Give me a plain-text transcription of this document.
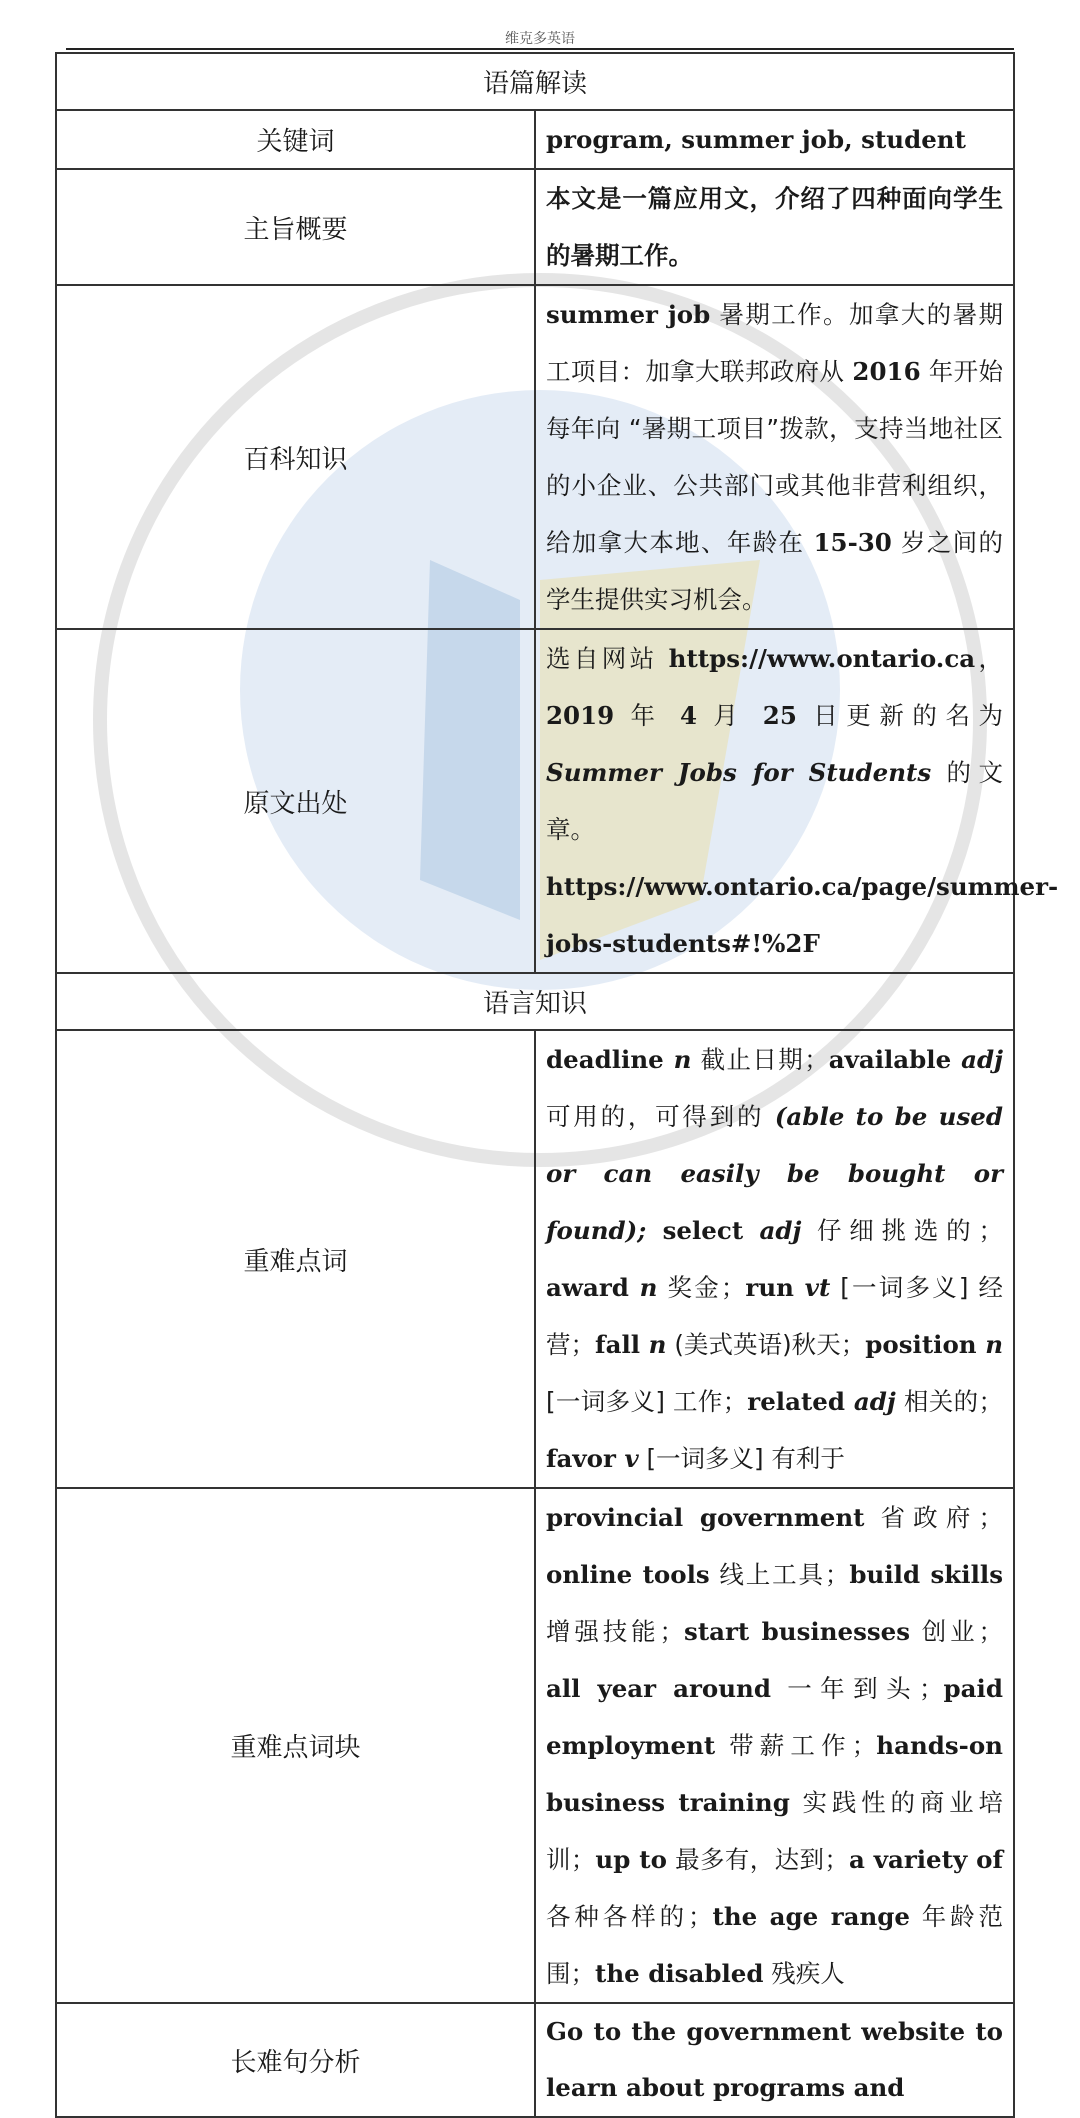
维克多英语
语篇解读	
关键词	program, summer job, student
主旨概要	本文是一篇应用文，介绍了四种面向学生的暑期工作。
百科知识	summer job 暑期工作。加拿大的暑期工项目：加拿大联邦政府从 2016 年开始每年向 “暑期工项目”拨款，支持当地社区的小企业、公共部门或其他非营利组织，给加拿大本地、年龄在 15-30 岁之间的学生提供实习机会。
原文出处	选自网站 https://www.ontario.ca，2019 年 4 月 25 日更新的名为 Summer Jobs for Students 的文章。
https://www.ontario.ca/page/summer-jobs-students#!%2F
语言知识	
重难点词	deadline n 截止日期；available adj 可用的，可得到的 (able to be used or can easily be bought or found); select adj 仔细挑选的；award n 奖金；run vt [一词多义] 经营；fall n (美式英语)秋天；position n [一词多义] 工作；related adj 相关的；favor v [一词多义] 有利于
重难点词块	provincial government 省政府；online tools 线上工具；build skills 增强技能；start businesses 创业；all year around 一年到头；paid employment 带薪工作；hands-on business training 实践性的商业培训；up to 最多有，达到；a variety of 各种各样的；the age range 年龄范围；the disabled 残疾人
长难句分析	Go to the government website to learn about programs and
